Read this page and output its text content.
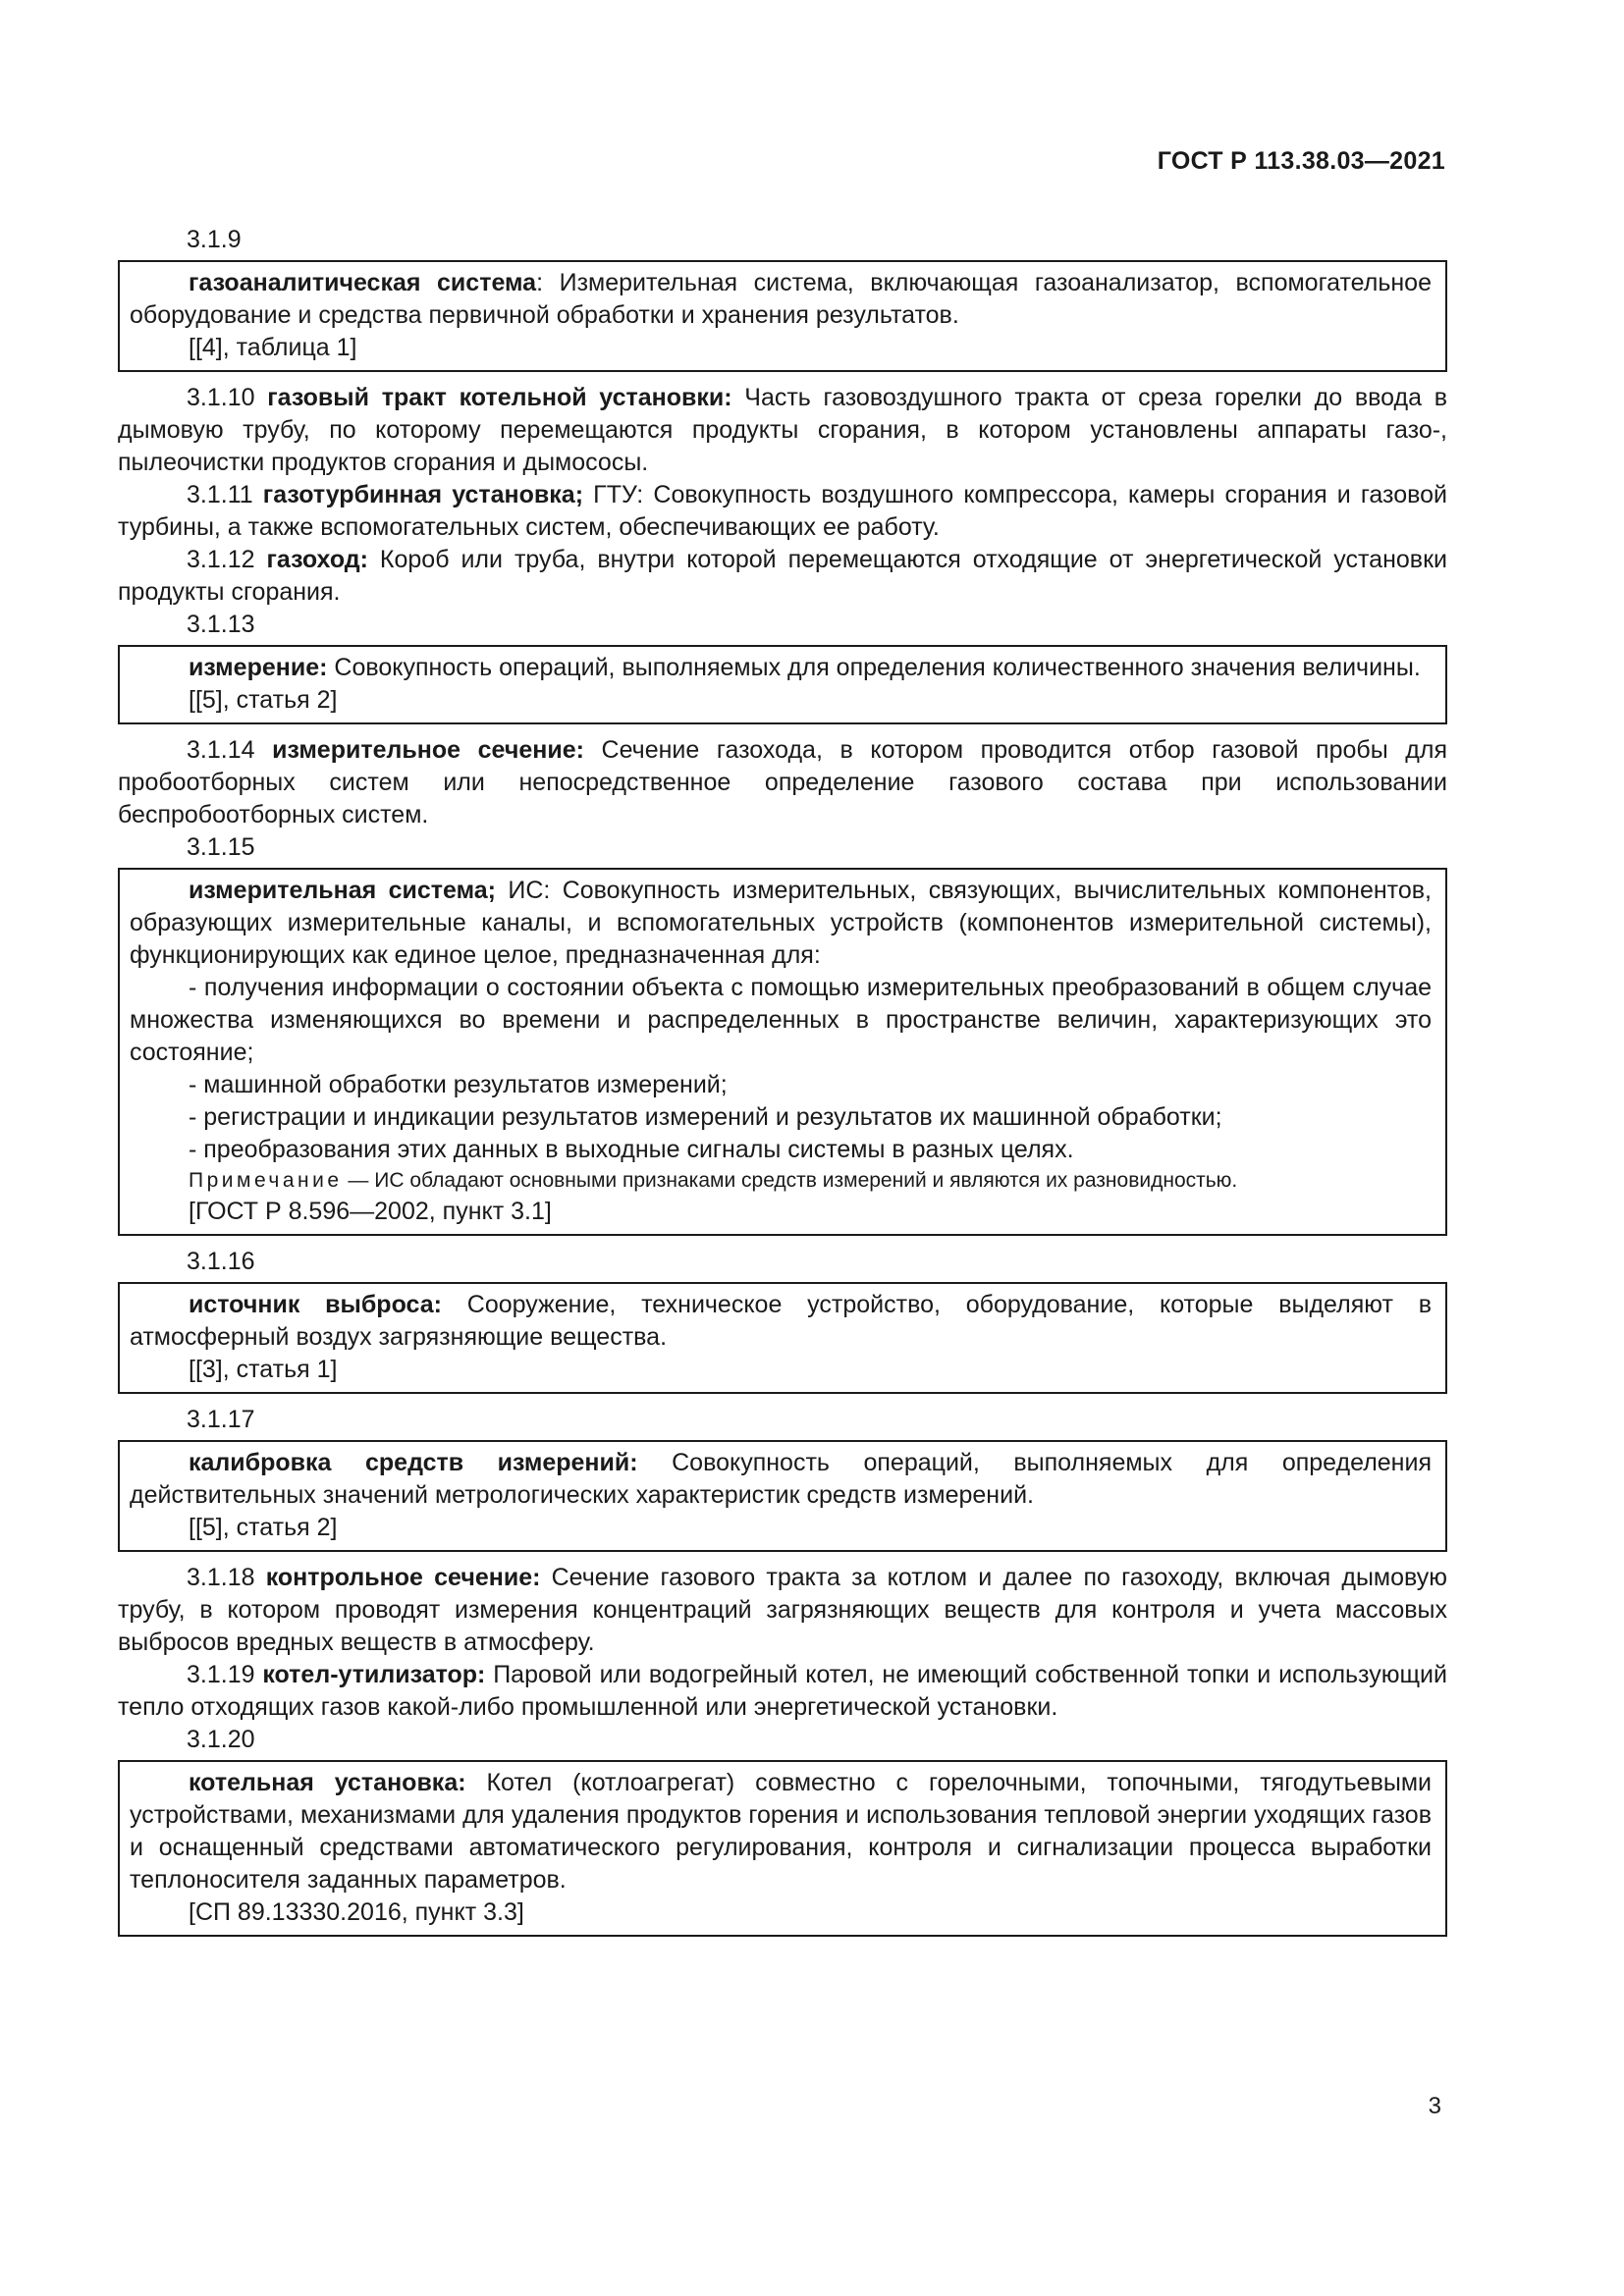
ГОСТ Р 113.38.03—2021

3.1.9

газоаналитическая система: Измерительная система, включающая газоанализатор, вспомогательное оборудование и средства первичной обработки и хранения результатов.

[[4], таблица 1]

3.1.10 газовый тракт котельной установки: Часть газовоздушного тракта от среза горелки до ввода в дымовую трубу, по которому перемещаются продукты сгорания, в котором установлены аппараты газо-, пылеочистки продуктов сгорания и дымососы.

3.1.11 газотурбинная установка; ГТУ: Совокупность воздушного компрессора, камеры сгорания и газовой турбины, а также вспомогательных систем, обеспечивающих ее работу.

3.1.12 газоход: Короб или труба, внутри которой перемещаются отходящие от энергетической установки продукты сгорания.

3.1.13

измерение: Совокупность операций, выполняемых для определения количественного значения величины.

[[5], статья 2]

3.1.14 измерительное сечение: Сечение газохода, в котором проводится отбор газовой пробы для пробоотборных систем или непосредственное определение газового состава при использовании беспробоотборных систем.

3.1.15

измерительная система; ИС: Совокупность измерительных, связующих, вычислительных компонентов, образующих измерительные каналы, и вспомогательных устройств (компонентов измерительной системы), функционирующих как единое целое, предназначенная для:

- получения информации о состоянии объекта с помощью измерительных преобразований в общем случае множества изменяющихся во времени и распределенных в пространстве величин, характеризующих это состояние;
- машинной обработки результатов измерений;
- регистрации и индикации результатов измерений и результатов их машинной обработки;
- преобразования этих данных в выходные сигналы системы в разных целях.

Примечание — ИС обладают основными признаками средств измерений и являются их разновидностью.

[ГОСТ Р 8.596—2002, пункт 3.1]

3.1.16

источник выброса: Сооружение, техническое устройство, оборудование, которые выделяют в атмосферный воздух загрязняющие вещества.

[[3], статья 1]

3.1.17

калибровка средств измерений: Совокупность операций, выполняемых для определения действительных значений метрологических характеристик средств измерений.

[[5], статья 2]

3.1.18 контрольное сечение: Сечение газового тракта за котлом и далее по газоходу, включая дымовую трубу, в котором проводят измерения концентраций загрязняющих веществ для контроля и учета массовых выбросов вредных веществ в атмосферу.

3.1.19 котел-утилизатор: Паровой или водогрейный котел, не имеющий собственной топки и использующий тепло отходящих газов какой-либо промышленной или энергетической установки.

3.1.20

котельная установка: Котел (котлоагрегат) совместно с горелочными, топочными, тягодутьевыми устройствами, механизмами для удаления продуктов горения и использования тепловой энергии уходящих газов и оснащенный средствами автоматического регулирования, контроля и сигнализации процесса выработки теплоносителя заданных параметров.

[СП 89.13330.2016, пункт 3.3]

3
